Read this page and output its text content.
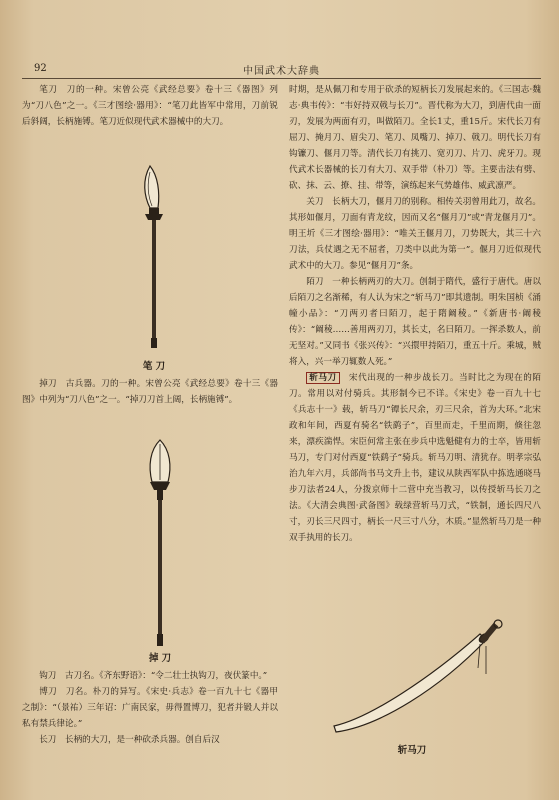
92	中国武术大辞典

笔刀　刀的一种。宋曾公亮《武经总要》卷十三《器图》列为“刀八色”之一。《三才图绘·器用》：“笔刀此皆军中常用，刀前锐后斜阔，长柄施镈。笔刀近似现代武术器械中的大刀。

掉刀　古兵器。刀的一种。宋曾公亮《武经总要》卷十三《器图》中列为“刀八色”之一。“掉刀刀首上阔，长柄施镈”。

钩刀　古刀名。《齐东野语》：“令二壮士执钩刀，夜伏篆中。”

博刀　刀名。朴刀的异写。《宋史·兵志》卷一百九十七《器甲之制》：“（景祐）三年诏：广南民家，毋得置博刀，犯者并锻人并以私有禁兵律论。”

长刀　长柄的大刀，是一种砍杀兵器。创自后汉

笔 刀
掉 刀

时期，是从佩刀和专用于砍杀的短柄长刀发展起来的。《三国志·魏志·典韦传》：“韦好持双戟与长刀”。晋代称为大刀，到唐代由一面刃，发展为两面有刃，叫做陌刀。全长1丈，重15斤。宋代长刀有屈刀、掩月刀、眉尖刀、笔刀、凤嘴刀、掉刀、戟刀。明代长刀有钩镰刀、偃月刀等。清代长刀有挑刀、宽刃刀、片刀、虎牙刀。现代武术长器械的长刀有大刀、双手带（朴刀）等。主要击法有劈、砍、抹、云、撩、挂、带等，演练起来气势雄伟、威武凛严。

关刀　长柄大刀，偃月刀的别称。相传关羽曾用此刀，故名。其形如偃月，刀面有青龙纹，因而又名“偃月刀”或“青龙偃月刀”。明王圻《三才图绘·器用》：“唯关王偃月刀，刀势既大，其三十六刀法，兵仗遇之无不屈者，刀类中以此为第一”。偃月刀近似现代武术中的大刀。参见“偃月刀”条。

陌刀　一种长柄两刃的大刀。创制于隋代，盛行于唐代。唐以后陌刀之名渐稀，有人认为宋之“斩马刀”即其遗制。明朱国桢《涌幢小品》：“刀两刃者曰陌刀，起于隋阚稜。”《新唐书·阚稜传》：“阚稜……善用两刃刀，其长丈，名曰陌刀。一挥杀数人，前无坚对。”又同书《张兴传》：“兴擐甲持陌刀，重五十斤。乘城，贼将入，兴一举刀辄数人死。”

斩马刀　 宋代出现的一种步战长刀。当时比之为现在的陌刀。常用以对付骑兵。其形制今已不详。《宋史》卷一百九十七《兵志十一》载，斩马刀“镡长尺余，刃三尺余，首为大环。”北宋政和年间，西夏有骑名“铁鹞子”，百里而走，千里而期，倏往忽来，漂疾湍悍。宋臣何常主张在步兵中选魁健有力的士卒，皆用斩马刀，专门对付西夏“铁鹞子”骑兵。斩马刀明、清犹存。明孝宗弘治九年六月，兵部尚书马文升上书，建议从陕西军队中拣选通晓马步刀法者24人，分拨京师十二营中充当教习，以传授斩马长刀之法。《大清会典图·武备图》载绿营斩马刀式，“铁制，通长四尺八寸，刃长三尺四寸，柄长一尺三寸八分，木质。”显然斩马刀是一种双手执用的长刀。

斩马刀
